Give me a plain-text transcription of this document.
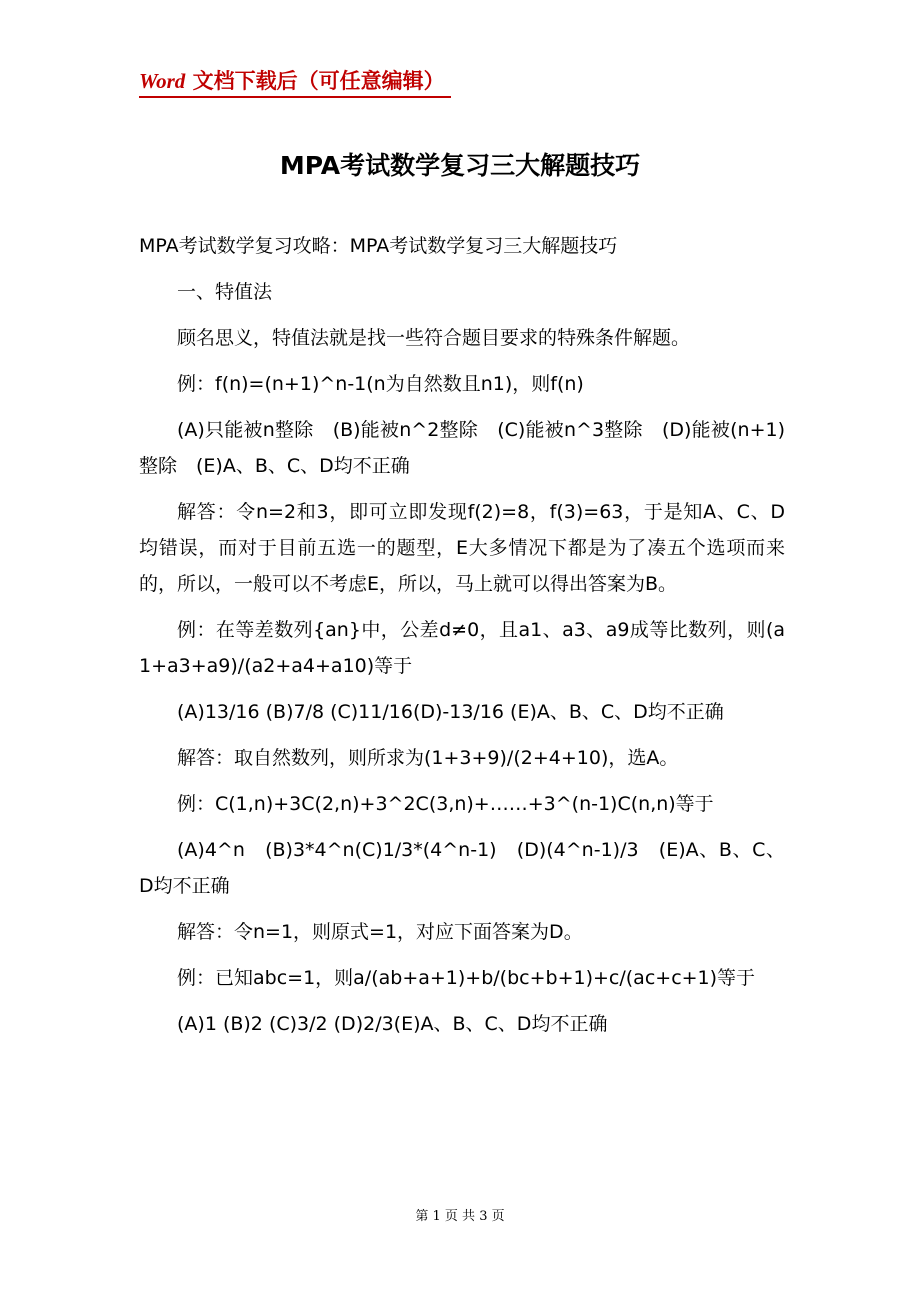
Word 文档下载后（可任意编辑）
MPA考试数学复习三大解题技巧

MPA考试数学复习攻略：MPA考试数学复习三大解题技巧

一、特值法

顾名思义，特值法就是找一些符合题目要求的特殊条件解题。

例：f(n)=(n+1)^n-1(n为自然数且n1)，则f(n)

(A)只能被n整除　(B)能被n^2整除　(C)能被n^3整除　(D)能被(n+1)整除　(E)A、B、C、D均不正确

解答：令n=2和3，即可立即发现f(2)=8，f(3)=63，于是知A、C、D均错误，而对于目前五选一的题型，E大多情况下都是为了凑五个选项而来的，所以，一般可以不考虑E，所以，马上就可以得出答案为B。

例：在等差数列{an}中，公差d≠0，且a1、a3、a9成等比数列，则(a1+a3+a9)/(a2+a4+a10)等于

(A)13/16 (B)7/8 (C)11/16(D)-13/16 (E)A、B、C、D均不正确

解答：取自然数列，则所求为(1+3+9)/(2+4+10)，选A。

例：C(1,n)+3C(2,n)+3^2C(3,n)+……+3^(n-1)C(n,n)等于

(A)4^n　(B)3*4^n(C)1/3*(4^n-1)　(D)(4^n-1)/3　(E)A、B、C、D均不正确

解答：令n=1，则原式=1，对应下面答案为D。

例：已知abc=1，则a/(ab+a+1)+b/(bc+b+1)+c/(ac+c+1)等于

(A)1 (B)2 (C)3/2 (D)2/3(E)A、B、C、D均不正确

第 1 页 共 3 页
